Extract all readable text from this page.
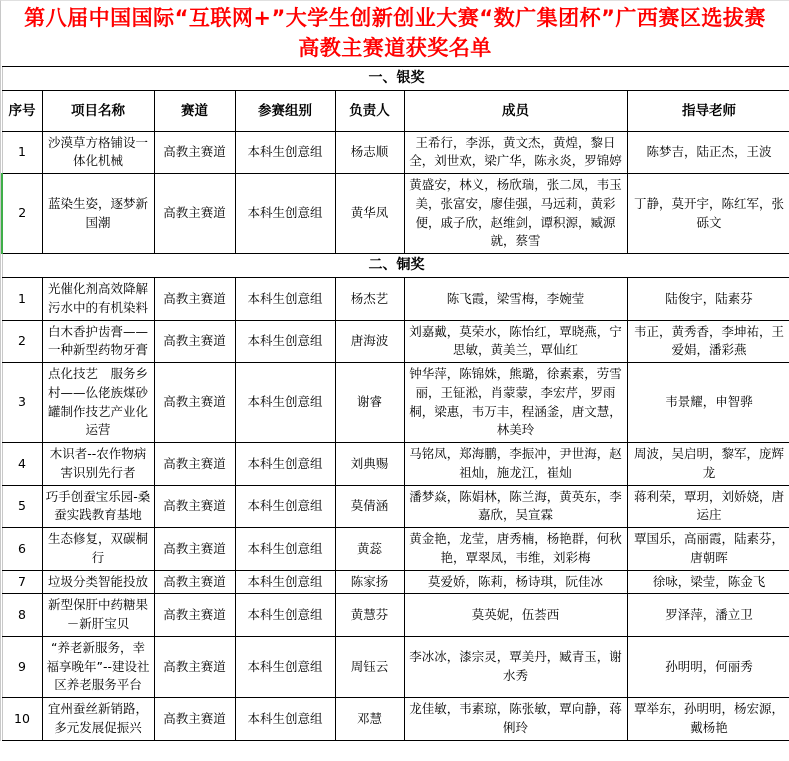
第八届中国国际“互联网+”大学生创新创业大赛“数广集团杯”广西赛区选拔赛
高教主赛道获奖名单
一、银奖						
序号	项目名称	赛道	参赛组别	负责人	成员	指导老师
1	沙漠草方格铺设一体化机械	高教主赛道	本科生创意组	杨志顺	王希行，李泺，黄文杰，黄煌，黎日全，刘世欢，梁广华，陈永炎，罗锦婷	陈梦吉，陆正杰，王波
2	蓝染生姿，逐梦新国潮	高教主赛道	本科生创意组	黄华凤	黄盛安，林义，杨欣瑞，张二凤，韦玉美，张富安，廖佳强，马远莉，黄彩便，戚子欣，赵维剑，谭积源，臧源就，蔡雪	丁静，莫开宇，陈红军，张砾文
二、铜奖						
1	光催化剂高效降解污水中的有机染料	高教主赛道	本科生创意组	杨杰艺	陈飞霞，梁雪梅，李婉莹	陆俊宇，陆素芬
2	白木香护齿膏——一种新型药物牙膏	高教主赛道	本科生创意组	唐海波	刘嘉戴，莫荣水，陈怡红，覃晓燕，宁思敏，黄美兰，覃仙红	韦正，黄秀香，李坤祐，王爱娟，潘彩燕
3	点化技艺　服务乡村——仫佬族煤砂罐制作技艺产业化运营	高教主赛道	本科生创意组	谢睿	钟华萍，陈锦姝，熊璐，徐素素，劳雪丽，王钲淞，肖蒙蒙，李宏芹，罗雨桐，梁惠，韦万丰，程涵釜，唐文慧，林美玲	韦景耀，申智骅
4	木识者--农作物病害识别先行者	高教主赛道	本科生创意组	刘典赐	马铭凤，郑海鹏，李振冲，尹世海，赵祖灿，施龙江，崔灿	周波，吴启明，黎军，庞辉龙
5	巧手创蚕宝乐园-桑蚕实践教育基地	高教主赛道	本科生创意组	莫倩涵	潘梦焱，陈娟林，陈兰海，黄英东，李嘉欣，吴宣霖	蒋利荣，覃玥，刘娇娆，唐运庄
6	生态修复，双碳桐行	高教主赛道	本科生创意组	黄蕊	黄金艳，龙莹，唐秀楠，杨艳群，何秋艳，覃翠凤，韦维，刘彩梅	覃国乐，高丽霞，陆素芬，唐朝晖
7	垃圾分类智能投放	高教主赛道	本科生创意组	陈家扬	莫爱娇，陈莉，杨诗琪，阮佳冰	徐咏，梁莹，陈金飞
8	新型保肝中药糖果－新肝宝贝	高教主赛道	本科生创意组	黄慧芬	莫英妮，伍荟西	罗泽萍，潘立卫
9	“养老新服务，幸福享晚年”--建设社区养老服务平台	高教主赛道	本科生创意组	周钰云	李冰冰，漆宗灵，覃美丹，臧青玉，谢水秀	孙明明，何丽秀
10	宜州蚕丝新销路，多元发展促振兴	高教主赛道	本科生创意组	邓慧	龙佳敏，韦素琼，陈张敏，覃向静，蒋俐玲	覃举东，孙明明，杨宏源，戴杨艳
